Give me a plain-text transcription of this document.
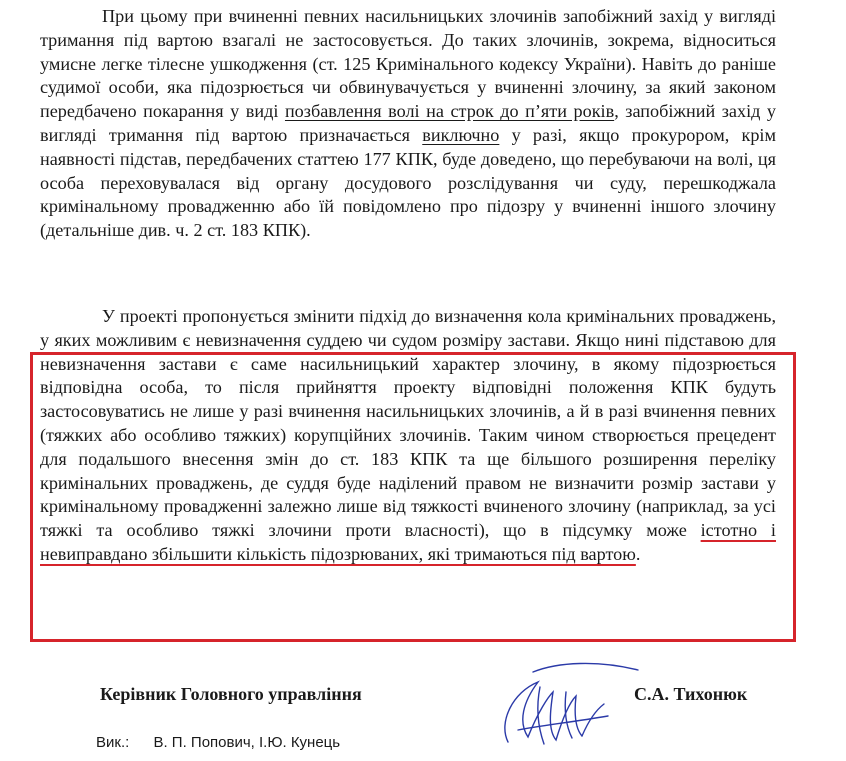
При цьому при вчиненні певних насильницьких злочинів запобіжний захід у вигляді тримання під вартою взагалі не застосовується. До таких злочинів, зокрема, відноситься умисне легке тілесне ушкодження (ст. 125 Кримінального кодексу України). Навіть до раніше судимої особи, яка підозрюється чи обвинувачується у вчиненні злочину, за який законом передбачено покарання у виді позбавлення волі на строк до п’яти років, запобіжний захід у вигляді тримання під вартою призначається виключно у разі, якщо прокурором, крім наявності підстав, передбачених статтею 177 КПК, буде доведено, що перебуваючи на волі, ця особа переховувалася від органу досудового розслідування чи суду, перешкоджала кримінальному провадженню або їй повідомлено про підозру у вчиненні іншого злочину (детальніше див. ч. 2 ст. 183 КПК).

У проекті пропонується змінити підхід до визначення кола кримінальних проваджень, у яких можливим є невизначення суддею чи судом розміру застави. Якщо нині підставою для невизначення застави є саме насильницький характер злочину, в якому підозрюється відповідна особа, то після прийняття проекту відповідні положення КПК будуть застосовуватись не лише у разі вчинення насильницьких злочинів, а й в разі вчинення певних (тяжких або особливо тяжких) корупційних злочинів. Таким чином створюється прецедент для подальшого внесення змін до ст. 183 КПК та ще більшого розширення переліку кримінальних проваджень, де суддя буде наділений правом не визначити розмір застави у кримінальному провадженні залежно лише від тяжкості вчиненого злочину (наприклад, за усі тяжкі та особливо тяжкі злочини проти власності), що в підсумку може істотно і невиправдано збільшити кількість підозрюваних, які тримаються під вартою.

Керівник Головного управління	С.А. Тихонюк
Вик.: В. П. Попович, І.Ю. Кунець
